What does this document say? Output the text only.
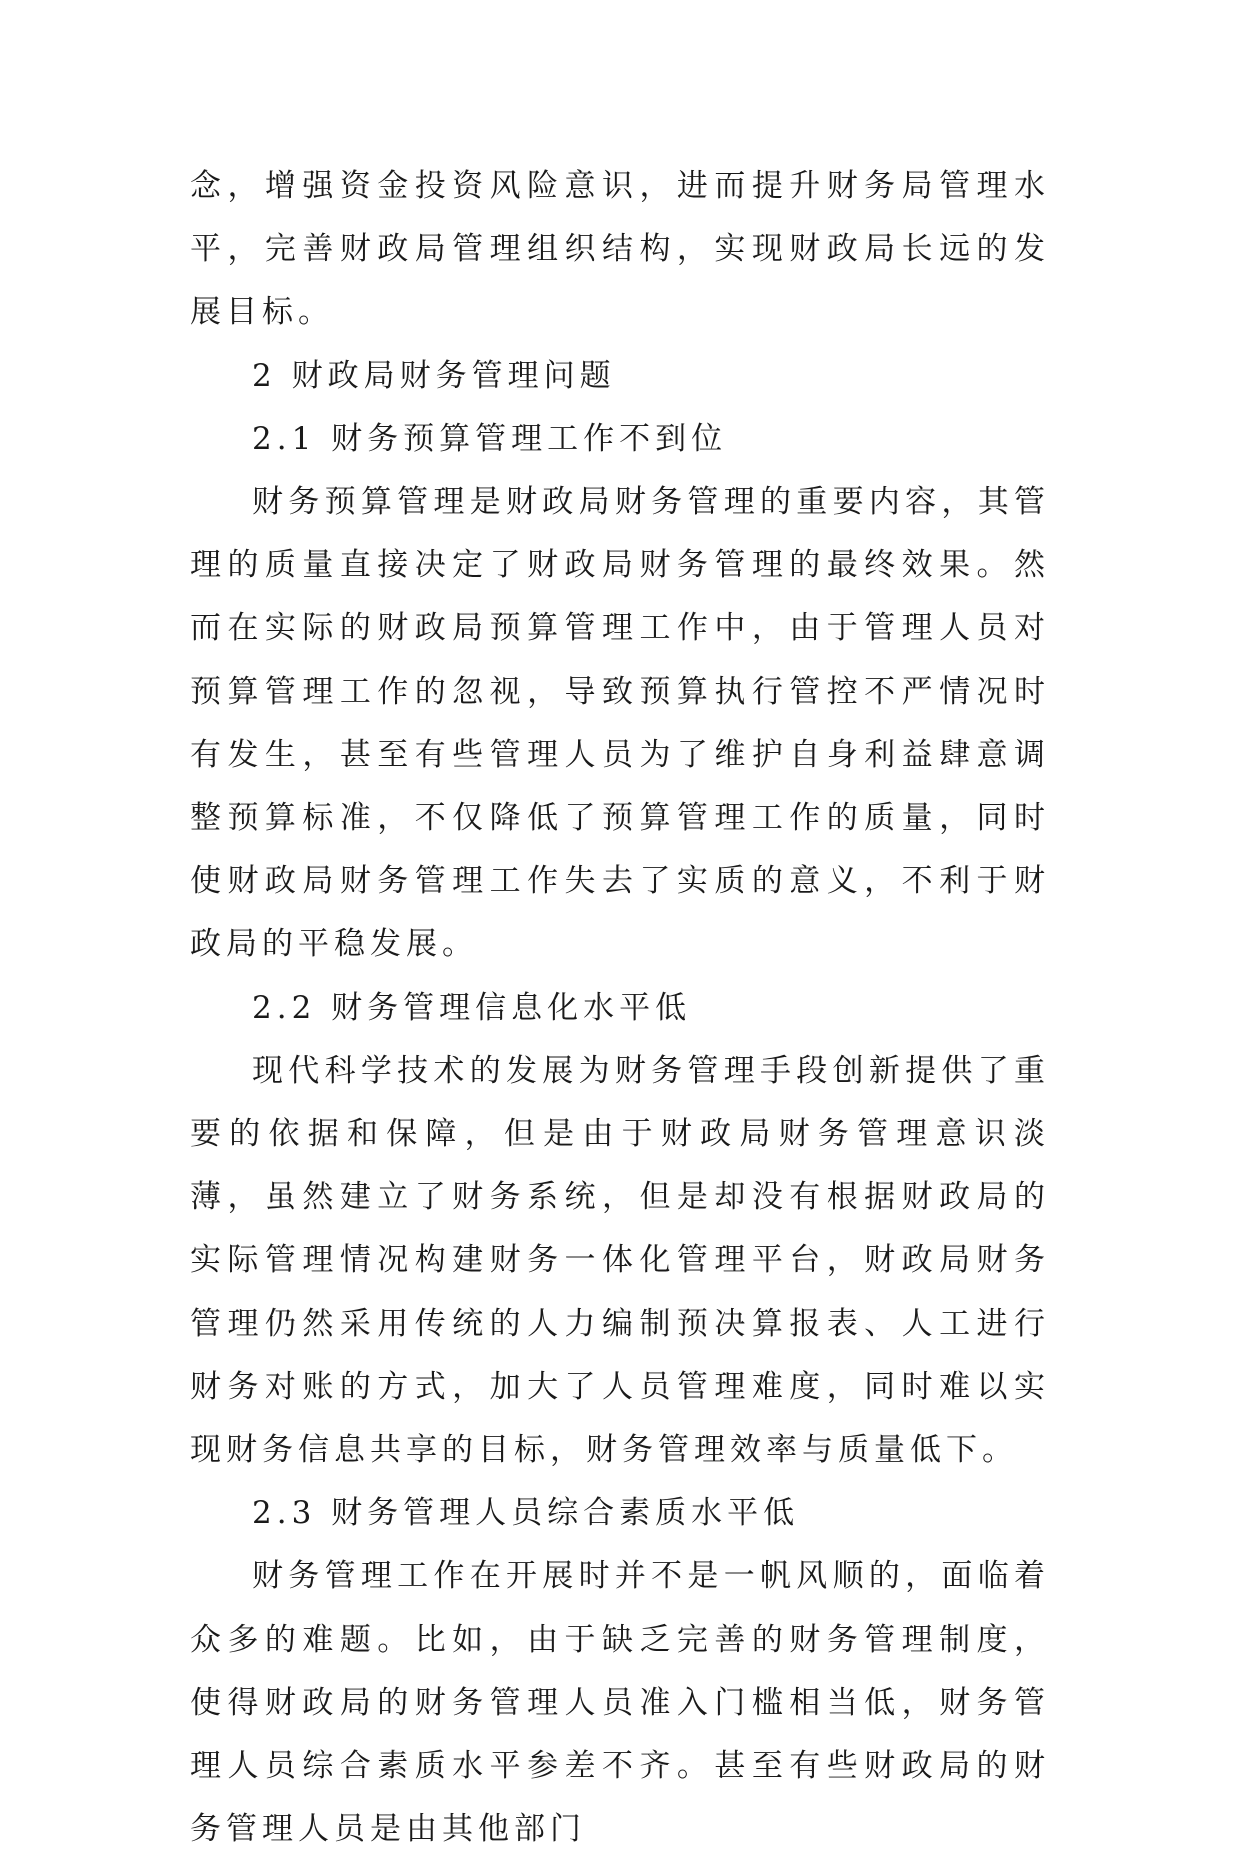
念，增强资金投资风险意识，进而提升财务局管理水平，完善财政局管理组织结构，实现财政局长远的发展目标。

2 财政局财务管理问题

2.1 财务预算管理工作不到位

财务预算管理是财政局财务管理的重要内容，其管理的质量直接决定了财政局财务管理的最终效果。然而在实际的财政局预算管理工作中，由于管理人员对预算管理工作的忽视，导致预算执行管控不严情况时有发生，甚至有些管理人员为了维护自身利益肆意调整预算标准，不仅降低了预算管理工作的质量，同时使财政局财务管理工作失去了实质的意义，不利于财政局的平稳发展。

2.2 财务管理信息化水平低

现代科学技术的发展为财务管理手段创新提供了重要的依据和保障，但是由于财政局财务管理意识淡薄，虽然建立了财务系统，但是却没有根据财政局的实际管理情况构建财务一体化管理平台，财政局财务管理仍然采用传统的人力编制预决算报表、人工进行财务对账的方式，加大了人员管理难度，同时难以实现财务信息共享的目标，财务管理效率与质量低下。

2.3 财务管理人员综合素质水平低

财务管理工作在开展时并不是一帆风顺的，面临着众多的难题。比如，由于缺乏完善的财务管理制度，使得财政局的财务管理人员准入门槛相当低，财务管理人员综合素质水平参差不齐。甚至有些财政局的财务管理人员是由其他部门
